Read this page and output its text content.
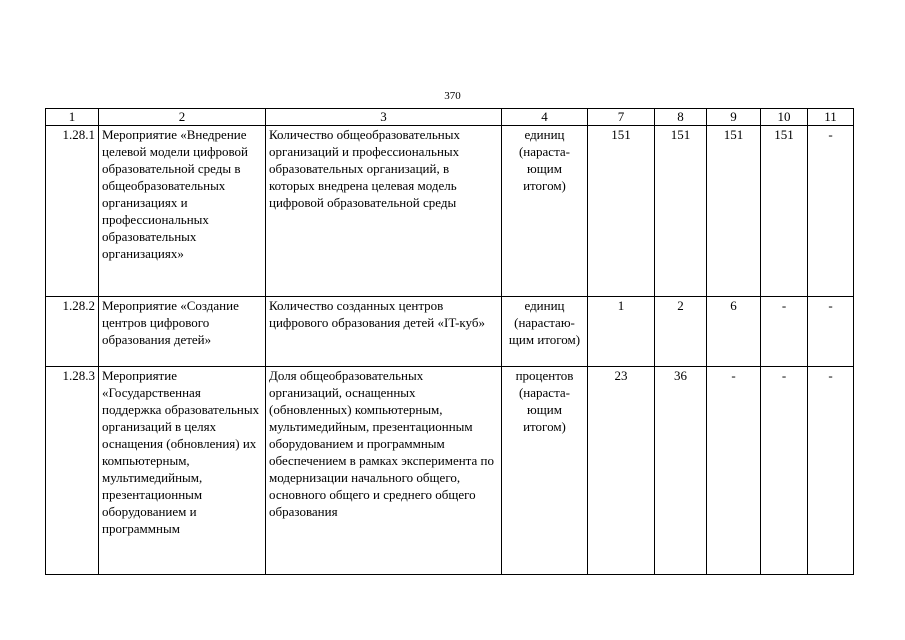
370
1	2	3	4	7	8	9	10	11
1.28.1	Мероприятие «Внедрение целевой модели цифровой образовательной среды в общеобразовательных организациях и профессиональных образовательных организациях»	Количество общеобразовательных организаций и профессиональных образовательных организаций, в которых внедрена целевая модель цифровой образовательной среды	единиц (нараста-ющим итогом)	151	151	151	151	-
1.28.2	Мероприятие «Создание центров цифрового образования детей»	Количество созданных центров цифрового образования детей «IT-куб»	единиц (нарастаю-щим итогом)	1	2	6	-	-
1.28.3	Мероприятие «Государственная поддержка образовательных организаций в целях оснащения (обновления) их компьютерным, мультимедийным, презентационным оборудованием и программным	Доля общеобразовательных организаций, оснащенных (обновленных) компьютерным, мультимедийным, презентационным оборудованием и программным обеспечением в рамках эксперимента по модернизации начального общего, основного общего и среднего общего образования	процентов (нараста-ющим итогом)	23	36	-	-	-
